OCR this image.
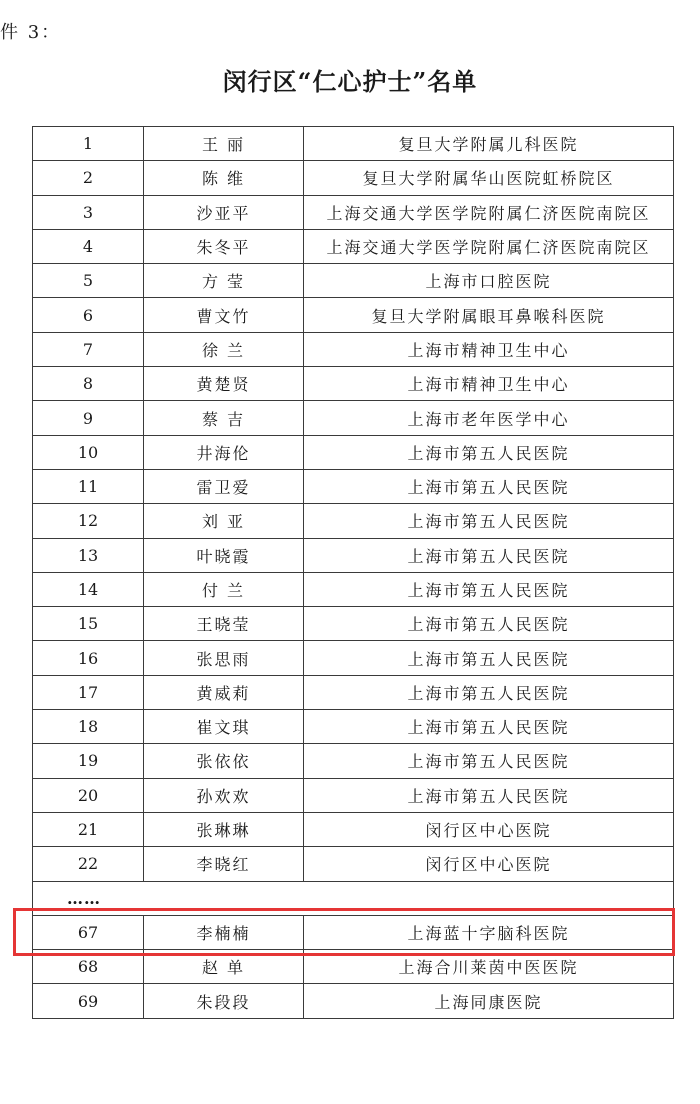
件 3：
闵行区“仁心护士”名单
1	王 丽	复旦大学附属儿科医院
2	陈 维	复旦大学附属华山医院虹桥院区
3	沙亚平	上海交通大学医学院附属仁济医院南院区
4	朱冬平	上海交通大学医学院附属仁济医院南院区
5	方 莹	上海市口腔医院
6	曹文竹	复旦大学附属眼耳鼻喉科医院
7	徐 兰	上海市精神卫生中心
8	黄楚贤	上海市精神卫生中心
9	蔡 吉	上海市老年医学中心
10	井海伦	上海市第五人民医院
11	雷卫爱	上海市第五人民医院
12	刘 亚	上海市第五人民医院
13	叶晓霞	上海市第五人民医院
14	付 兰	上海市第五人民医院
15	王晓莹	上海市第五人民医院
16	张思雨	上海市第五人民医院
17	黄威莉	上海市第五人民医院
18	崔文琪	上海市第五人民医院
19	张依依	上海市第五人民医院
20	孙欢欢	上海市第五人民医院
21	张琳琳	闵行区中心医院
22	李晓红	闵行区中心医院
……		
67	李楠楠	上海蓝十字脑科医院
68	赵 单	上海合川莱茵中医医院
69	朱段段	上海同康医院
